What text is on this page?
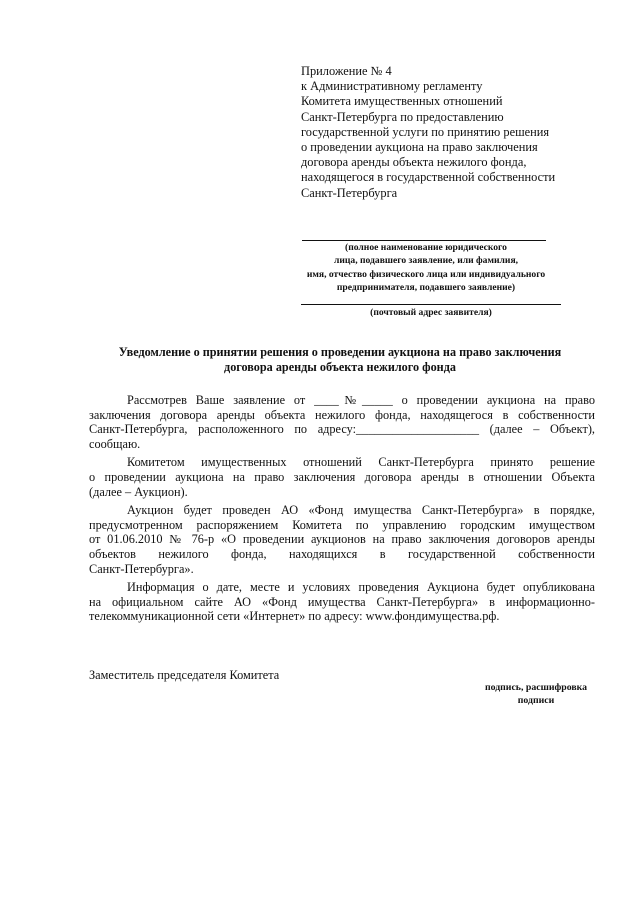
Приложение № 4
к Административному регламенту
Комитета имущественных отношений
Санкт-Петербурга по предоставлению
государственной услуги по принятию решения
о проведении аукциона на право заключения
договора аренды объекта нежилого фонда,
находящегося в государственной собственности
Санкт-Петербурга
(полное наименование юридического
лица, подавшего заявление, или фамилия,
имя, отчество физического лица или индивидуального
предпринимателя, подавшего заявление)
(почтовый адрес заявителя)
Уведомление о принятии решения о проведении аукциона на право заключения
договора аренды объекта нежилого фонда
Рассмотрев Ваше заявление от ____№_____ о проведении аукциона на право
заключения договора аренды объекта нежилого фонда, находящегося в собственности
Санкт-Петербурга, расположенного по адресу:____________________ (далее – Объект),
сообщаю.
Комитетом имущественных отношений Санкт-Петербурга принято решение
о проведении аукциона на право заключения договора аренды в отношении Объекта
(далее – Аукцион).
Аукцион будет проведен АО «Фонд имущества Санкт-Петербурга» в порядке,
предусмотренном распоряжением Комитета по управлению городским имуществом
от 01.06.2010 № 76-р «О проведении аукционов на право заключения договоров аренды
объектов нежилого фонда, находящихся в государственной собственности
Санкт-Петербурга».
Информация о дате, месте и условиях проведения Аукциона будет опубликована
на официальном сайте АО «Фонд имущества Санкт-Петербурга» в информационно-
телекоммуникационной сети «Интернет» по адресу: www.фондимущества.рф.
Заместитель председателя Комитета
подпись, расшифровка
подписи
